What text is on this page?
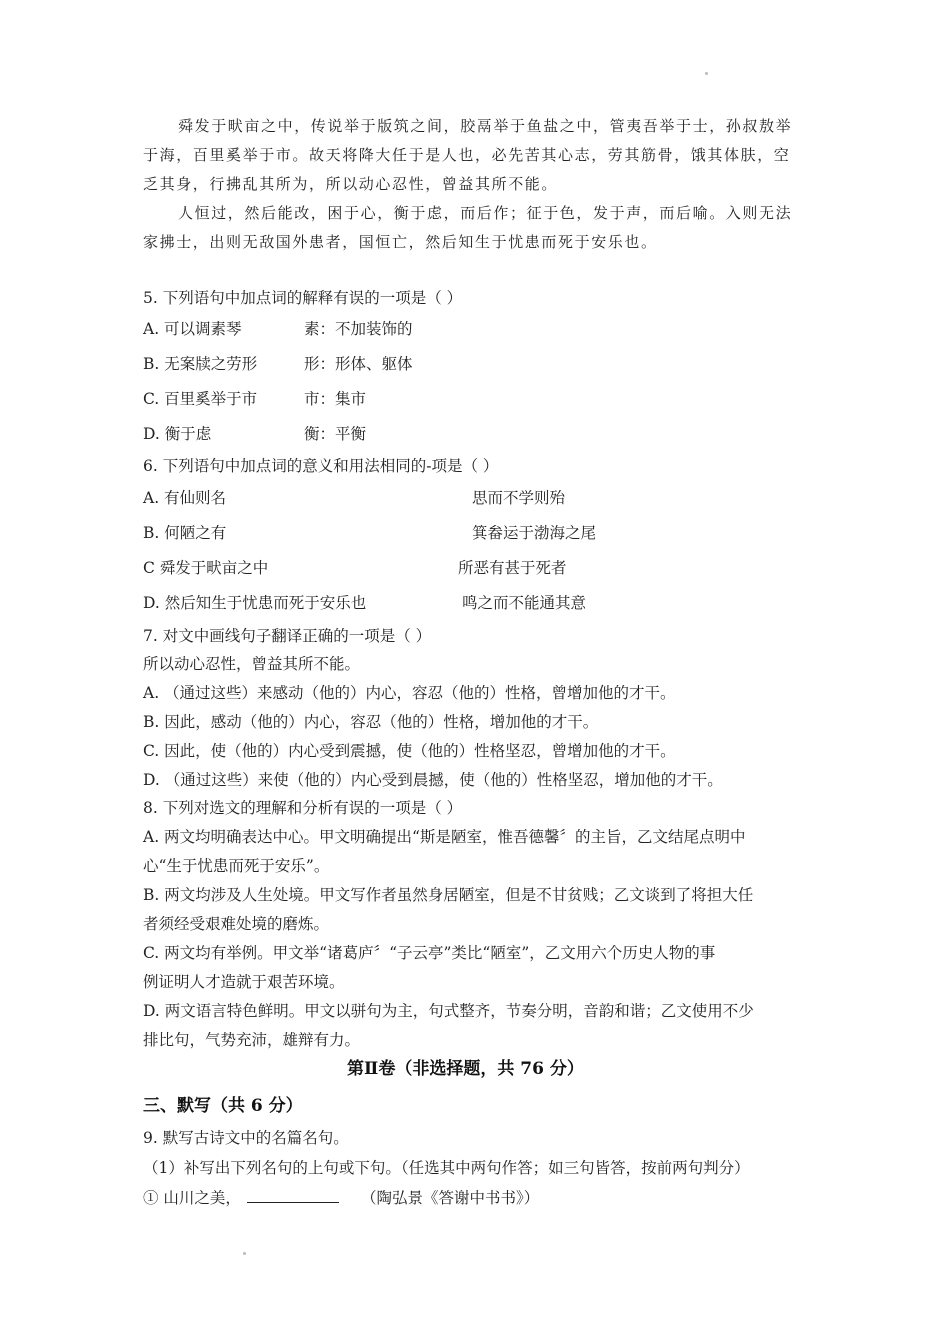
舜发于畎亩之中，传说举于版筑之间，胶鬲举于鱼盐之中，管夷吾举于士，孙叔敖举
于海，百里奚举于市。故天将降大任于是人也，必先苦其心志，劳其筋骨，饿其体肤，空
乏其身，行拂乱其所为，所以动心忍性，曾益其所不能。
人恒过，然后能改，困于心，衡于虑，而后作；征于色，发于声，而后喻。入则无法
家拂士，出则无敌国外患者，国恒亡，然后知生于忧患而死于安乐也。
5. 下列语句中加点词的解释有误的一项是（ ）
A. 可以调素琴	素：不加装饰的
B. 无案牍之劳形	形：形体、躯体
C. 百里奚举于市	市：集市
D. 衡于虑	衡：平衡
6. 下列语句中加点词的意义和用法相同的-项是（ ）
A. 有仙则名	思而不学则殆
B. 何陋之有	箕畚运于渤海之尾
C 舜发于畎亩之中	所恶有甚于死者
D. 然后知生于忧患而死于安乐也	鸣之而不能通其意
7. 对文中画线句子翻译正确的一项是（ ）
所以动心忍性，曾益其所不能。
A. （通过这些）来感动（他的）内心，容忍（他的）性格，曾增加他的才干。
B. 因此，感动（他的）内心，容忍（他的）性格，增加他的才干。
C. 因此，使（他的）内心受到震撼，使（他的）性格坚忍，曾增加他的才干。
D. （通过这些）来使（他的）内心受到晨撼，使（他的）性格坚忍，增加他的才干。
8. 下列对选文的理解和分析有误的一项是（ ）
A. 两文均明确表达中心。甲文明确提出“斯是陋室，惟吾德馨〞的主旨，乙文结尾点明中
心“生于忧患而死于安乐”。
B. 两文均涉及人生处境。甲文写作者虽然身居陋室，但是不甘贫贱；乙文谈到了将担大任
者须经受艰难处境的磨炼。
C. 两文均有举例。甲文举“诸葛庐〞“子云亭”类比“陋室”，乙文用六个历史人物的事
例证明人才造就于艰苦环境。
D. 两文语言特色鲜明。甲文以骈句为主，句式整齐，节奏分明，音韵和谐；乙文使用不少
排比句，气势充沛，雄辩有力。
第Ⅱ卷（非选择题，共 76 分）
三、默写（共 6 分）
9. 默写古诗文中的名篇名句。
（1）补写出下列名句的上句或下句。（任选其中两句作答；如三句皆答，按前两句判分）
① 山川之美，	（陶弘景《答谢中书书》）
